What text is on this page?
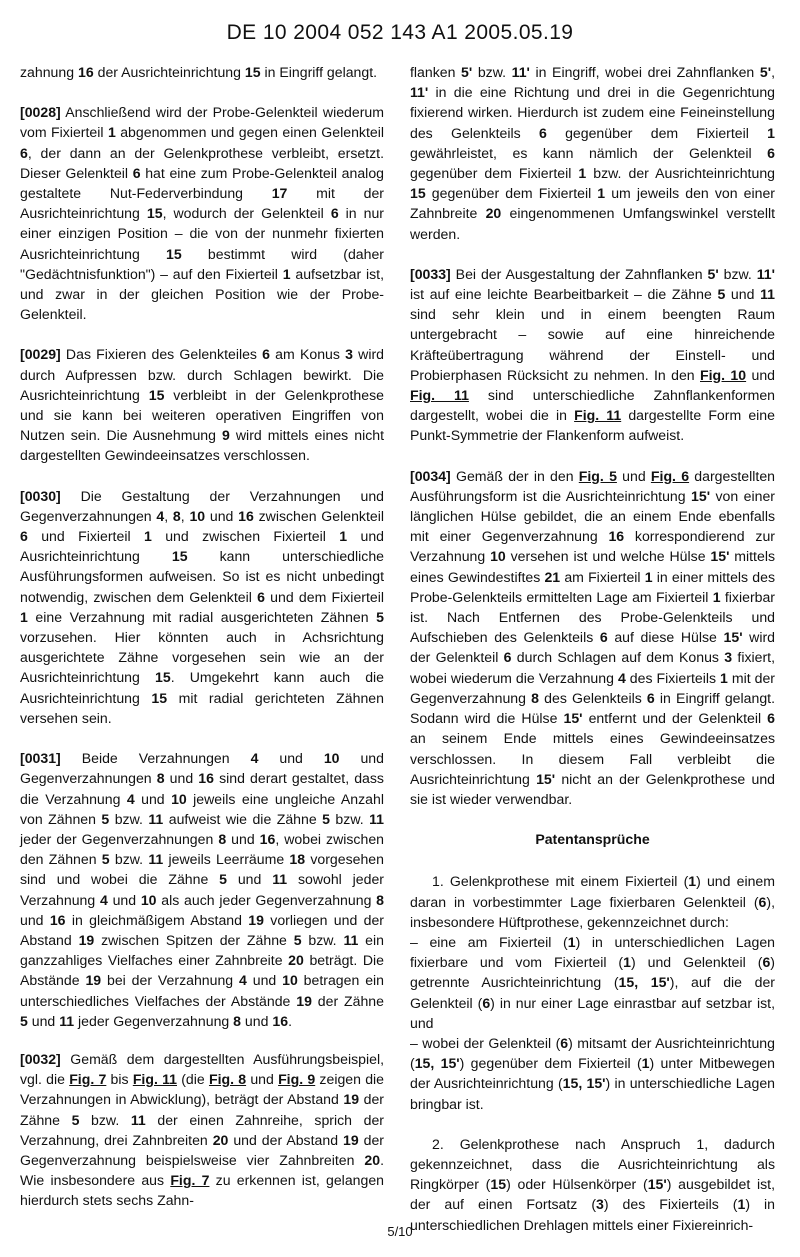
DE 10 2004 052 143 A1 2005.05.19

zahnung 16 der Ausrichteinrichtung 15 in Eingriff gelangt.

[0028] Anschließend wird der Probe-Gelenkteil wiederum vom Fixierteil 1 abgenommen und gegen einen Gelenkteil 6, der dann an der Gelenkprothese verbleibt, ersetzt. Dieser Gelenkteil 6 hat eine zum Probe-Gelenkteil analog gestaltete Nut-Federverbindung 17 mit der Ausrichteinrichtung 15, wodurch der Gelenkteil 6 in nur einer einzigen Position – die von der nunmehr fixierten Ausrichteinrichtung 15 bestimmt wird (daher "Gedächtnisfunktion") – auf den Fixierteil 1 aufsetzbar ist, und zwar in der gleichen Position wie der Probe-Gelenkteil.

[0029] Das Fixieren des Gelenkteiles 6 am Konus 3 wird durch Aufpressen bzw. durch Schlagen bewirkt. Die Ausrichteinrichtung 15 verbleibt in der Gelenkprothese und sie kann bei weiteren operativen Eingriffen von Nutzen sein. Die Ausnehmung 9 wird mittels eines nicht dargestellten Gewindeeinsatzes verschlossen.

[0030] Die Gestaltung der Verzahnungen und Gegenverzahnungen 4, 8, 10 und 16 zwischen Gelenkteil 6 und Fixierteil 1 und zwischen Fixierteil 1 und Ausrichteinrichtung 15 kann unterschiedliche Ausführungsformen aufweisen. So ist es nicht unbedingt notwendig, zwischen dem Gelenkteil 6 und dem Fixierteil 1 eine Verzahnung mit radial ausgerichteten Zähnen 5 vorzusehen. Hier könnten auch in Achsrichtung ausgerichtete Zähne vorgesehen sein wie an der Ausrichteinrichtung 15. Umgekehrt kann auch die Ausrichteinrichtung 15 mit radial gerichteten Zähnen versehen sein.

[0031] Beide Verzahnungen 4 und 10 und Gegenverzahnungen 8 und 16 sind derart gestaltet, dass die Verzahnung 4 und 10 jeweils eine ungleiche Anzahl von Zähnen 5 bzw. 11 aufweist wie die Zähne 5 bzw. 11 jeder der Gegenverzahnungen 8 und 16, wobei zwischen den Zähnen 5 bzw. 11 jeweils Leerräume 18 vorgesehen sind und wobei die Zähne 5 und 11 sowohl jeder Verzahnung 4 und 10 als auch jeder Gegenverzahnung 8 und 16 in gleichmäßigem Abstand 19 vorliegen und der Abstand 19 zwischen Spitzen der Zähne 5 bzw. 11 ein ganzzahliges Vielfaches einer Zahnbreite 20 beträgt. Die Abstände 19 bei der Verzahnung 4 und 10 betragen ein unterschiedliches Vielfaches der Abstände 19 der Zähne 5 und 11 jeder Gegenverzahnung 8 und 16.

[0032] Gemäß dem dargestellten Ausführungsbeispiel, vgl. die Fig. 7 bis Fig. 11 (die Fig. 8 und Fig. 9 zeigen die Verzahnungen in Abwicklung), beträgt der Abstand 19 der Zähne 5 bzw. 11 der einen Zahnreihe, sprich der Verzahnung, drei Zahnbreiten 20 und der Abstand 19 der Gegenverzahnung beispielsweise vier Zahnbreiten 20. Wie insbesondere aus Fig. 7 zu erkennen ist, gelangen hierdurch stets sechs Zahn-

flanken 5' bzw. 11' in Eingriff, wobei drei Zahnflanken 5', 11' in die eine Richtung und drei in die Gegenrichtung fixierend wirken. Hierdurch ist zudem eine Feineinstellung des Gelenkteils 6 gegenüber dem Fixierteil 1 gewährleistet, es kann nämlich der Gelenkteil 6 gegenüber dem Fixierteil 1 bzw. der Ausrichteinrichtung 15 gegenüber dem Fixierteil 1 um jeweils den von einer Zahnbreite 20 eingenommenen Umfangswinkel verstellt werden.

[0033] Bei der Ausgestaltung der Zahnflanken 5' bzw. 11' ist auf eine leichte Bearbeitbarkeit – die Zähne 5 und 11 sind sehr klein und in einem beengten Raum untergebracht – sowie auf eine hinreichende Kräfteübertragung während der Einstell- und Probierphasen Rücksicht zu nehmen. In den Fig. 10 und Fig. 11 sind unterschiedliche Zahnflankenformen dargestellt, wobei die in Fig. 11 dargestellte Form eine Punkt-Symmetrie der Flankenform aufweist.

[0034] Gemäß der in den Fig. 5 und Fig. 6 dargestellten Ausführungsform ist die Ausrichteinrichtung 15' von einer länglichen Hülse gebildet, die an einem Ende ebenfalls mit einer Gegenverzahnung 16 korrespondierend zur Verzahnung 10 versehen ist und welche Hülse 15' mittels eines Gewindestiftes 21 am Fixierteil 1 in einer mittels des Probe-Gelenkteils ermittelten Lage am Fixierteil 1 fixierbar ist. Nach Entfernen des Probe-Gelenkteils und Aufschieben des Gelenkteils 6 auf diese Hülse 15' wird der Gelenkteil 6 durch Schlagen auf dem Konus 3 fixiert, wobei wiederum die Verzahnung 4 des Fixierteils 1 mit der Gegenverzahnung 8 des Gelenkteils 6 in Eingriff gelangt. Sodann wird die Hülse 15' entfernt und der Gelenkteil 6 an seinem Ende mittels eines Gewindeeinsatzes verschlossen. In diesem Fall verbleibt die Ausrichteinrichtung 15' nicht an der Gelenkprothese und sie ist wieder verwendbar.

Patentansprüche

1. Gelenkprothese mit einem Fixierteil (1) und einem daran in vorbestimmter Lage fixierbaren Gelenkteil (6), insbesondere Hüftprothese, gekennzeichnet durch:

– eine am Fixierteil (1) in unterschiedlichen Lagen fixierbare und vom Fixierteil (1) und Gelenkteil (6) getrennte Ausrichteinrichtung (15, 15'), auf die der Gelenkteil (6) in nur einer Lage einrastbar auf setzbar ist, und

– wobei der Gelenkteil (6) mitsamt der Ausrichteinrichtung (15, 15') gegenüber dem Fixierteil (1) unter Mitbewegen der Ausrichteinrichtung (15, 15') in unterschiedliche Lagen bringbar ist.

2. Gelenkprothese nach Anspruch 1, dadurch gekennzeichnet, dass die Ausrichteinrichtung als Ringkörper (15) oder Hülsenkörper (15') ausgebildet ist, der auf einen Fortsatz (3) des Fixierteils (1) in unterschiedlichen Drehlagen mittels einer Fixiereinrich-

5/10
